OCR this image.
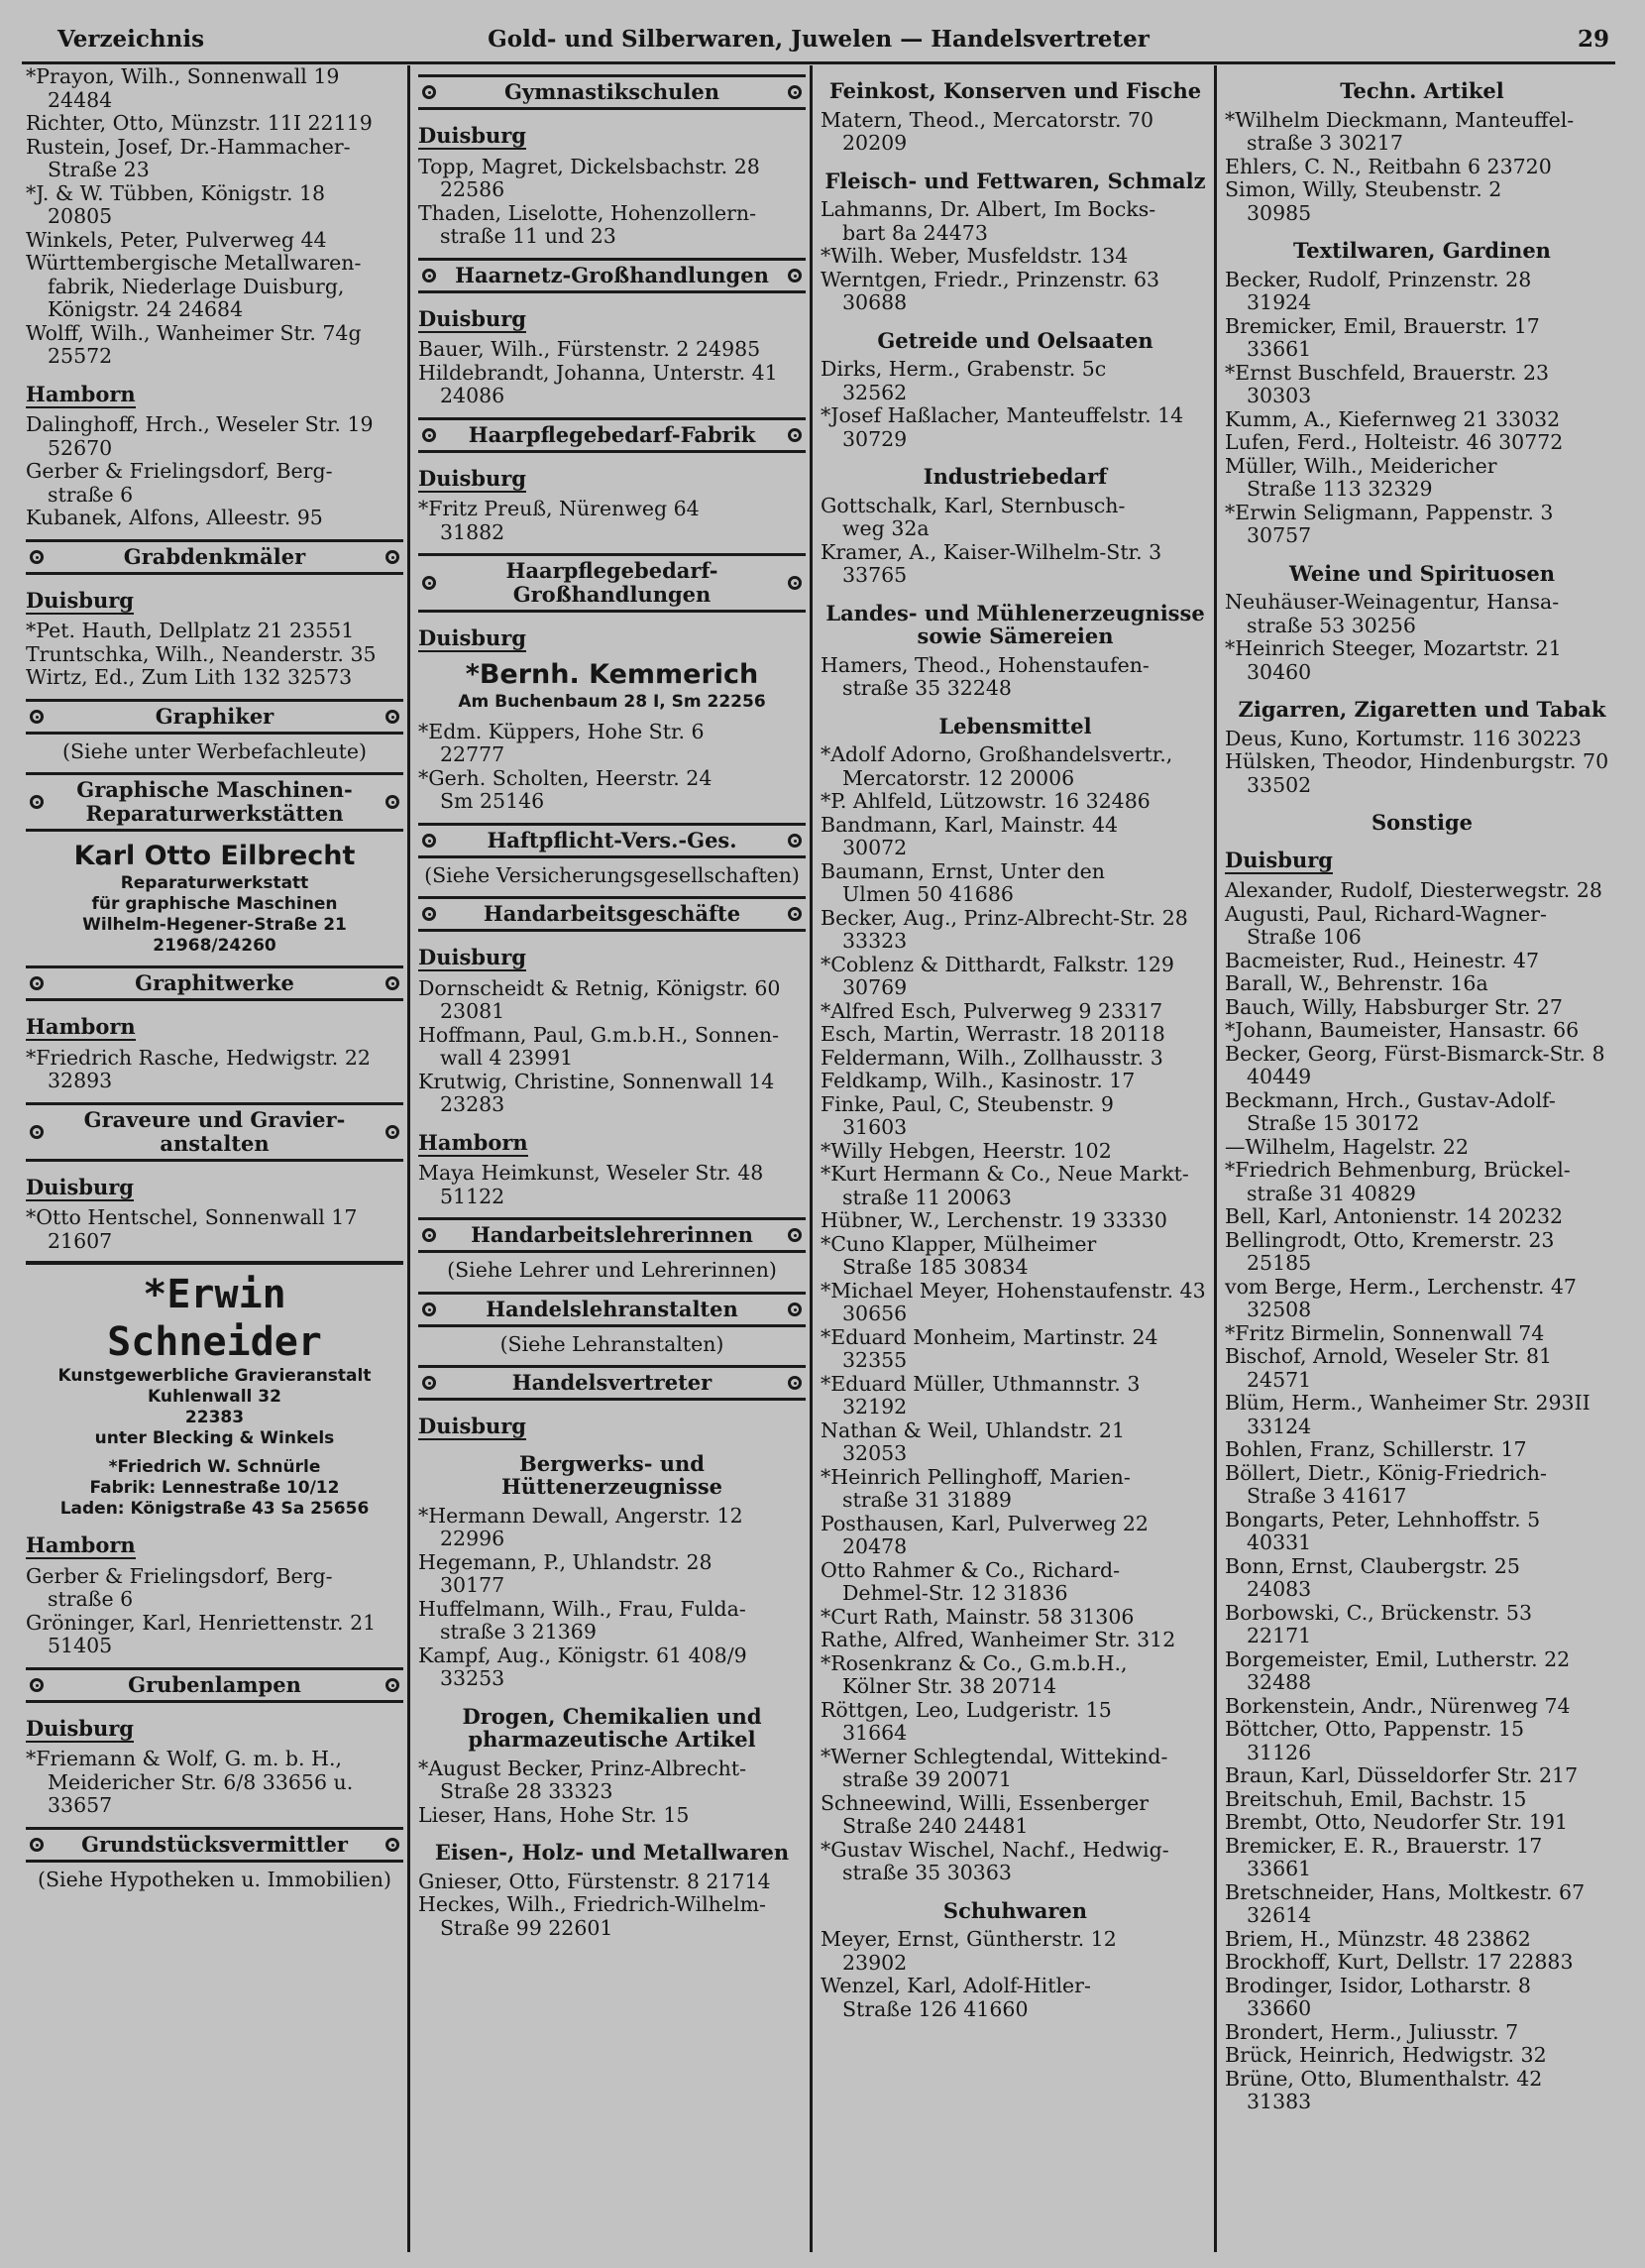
Verzeichnis	Gold- und Silberwaren, Juwelen — Handelsvertreter	29
*Prayon, Wilh., Sonnenwall 19
24484
Richter, Otto, Münzstr. 11I 22119
Rustein, Josef, Dr.-Hammacher-
Straße 23
*J. & W. Tübben, Königstr. 18
20805
Winkels, Peter, Pulverweg 44
Württembergische Metallwaren-
fabrik, Niederlage Duisburg,
Königstr. 24 24684
Wolff, Wilh., Wanheimer Str. 74g
25572
Hamborn
Dalinghoff, Hrch., Weseler Str. 19
52670
Gerber & Frielingsdorf, Berg-
straße 6
Kubanek, Alfons, Alleestr. 95
Grabdenkmäler
Duisburg
*Pet. Hauth, Dellplatz 21 23551
Truntschka, Wilh., Neanderstr. 35
Wirtz, Ed., Zum Lith 132 32573
Graphiker
(Siehe unter Werbefachleute)
Graphische Maschinen-
Reparaturwerkstätten
Karl Otto Eilbrecht
Reparaturwerkstatt
für graphische Maschinen
Wilhelm-Hegener-Straße 21
21968/24260
Graphitwerke
Hamborn
*Friedrich Rasche, Hedwigstr. 22
32893
Graveure und Gravier-
anstalten
Duisburg
*Otto Hentschel, Sonnenwall 17
21607
*Erwin Schneider
Kunstgewerbliche Gravieranstalt
Kuhlenwall 32
22383
unter Blecking & Winkels
*Friedrich W. Schnürle
Fabrik: Lennestraße 10/12
Laden: Königstraße 43 Sa 25656
Hamborn
Gerber & Frielingsdorf, Berg-
straße 6
Gröninger, Karl, Henriettenstr. 21
51405
Grubenlampen
Duisburg
*Friemann & Wolf, G. m. b. H.,
Meidericher Str. 6/8 33656 u.
33657
Grundstücksvermittler
(Siehe Hypotheken u. Immobilien)
Gymnastikschulen
Duisburg
Topp, Magret, Dickelsbachstr. 28
22586
Thaden, Liselotte, Hohenzollern-
straße 11 und 23
Haarnetz-Großhandlungen
Duisburg
Bauer, Wilh., Fürstenstr. 2 24985
Hildebrandt, Johanna, Unterstr. 41
24086
Haarpflegebedarf-Fabrik
Duisburg
*Fritz Preuß, Nürenweg 64
31882
Haarpflegebedarf-
Großhandlungen
Duisburg
*Bernh. Kemmerich
Am Buchenbaum 28 I, Sm 22256
*Edm. Küppers, Hohe Str. 6
22777
*Gerh. Scholten, Heerstr. 24
Sm 25146
Haftpflicht-Vers.-Ges.
(Siehe Versicherungsgesellschaften)
Handarbeitsgeschäfte
Duisburg
Dornscheidt & Retnig, Königstr. 60
23081
Hoffmann, Paul, G.m.b.H., Sonnen-
wall 4 23991
Krutwig, Christine, Sonnenwall 14
23283
Hamborn
Maya Heimkunst, Weseler Str. 48
51122
Handarbeitslehrerinnen
(Siehe Lehrer und Lehrerinnen)
Handelslehranstalten
(Siehe Lehranstalten)
Handelsvertreter
Duisburg
Bergwerks- und Hüttenerzeugnisse
*Hermann Dewall, Angerstr. 12
22996
Hegemann, P., Uhlandstr. 28
30177
Huffelmann, Wilh., Frau, Fulda-
straße 3 21369
Kampf, Aug., Königstr. 61 408/9
33253
Drogen, Chemikalien und pharmazeutische Artikel
*August Becker, Prinz-Albrecht-
Straße 28 33323
Lieser, Hans, Hohe Str. 15
Eisen-, Holz- und Metallwaren
Gnieser, Otto, Fürstenstr. 8 21714
Heckes, Wilh., Friedrich-Wilhelm-
Straße 99 22601
Feinkost, Konserven und Fische
Matern, Theod., Mercatorstr. 70
20209
Fleisch- und Fettwaren, Schmalz
Lahmanns, Dr. Albert, Im Bocks-
bart 8a 24473
*Wilh. Weber, Musfeldstr. 134
Werntgen, Friedr., Prinzenstr. 63
30688
Getreide und Oelsaaten
Dirks, Herm., Grabenstr. 5c
32562
*Josef Haßlacher, Manteuffelstr. 14
30729
Industriebedarf
Gottschalk, Karl, Sternbusch-
weg 32a
Kramer, A., Kaiser-Wilhelm-Str. 3
33765
Landes- und Mühlenerzeugnisse sowie Sämereien
Hamers, Theod., Hohenstaufen-
straße 35 32248
Lebensmittel
*Adolf Adorno, Großhandelsvertr.,
Mercatorstr. 12 20006
*P. Ahlfeld, Lützowstr. 16 32486
Bandmann, Karl, Mainstr. 44
30072
Baumann, Ernst, Unter den
Ulmen 50 41686
Becker, Aug., Prinz-Albrecht-Str. 28
33323
*Coblenz & Ditthardt, Falkstr. 129
30769
*Alfred Esch, Pulverweg 9 23317
Esch, Martin, Werrastr. 18 20118
Feldermann, Wilh., Zollhausstr. 3
Feldkamp, Wilh., Kasinostr. 17
Finke, Paul, C, Steubenstr. 9
31603
*Willy Hebgen, Heerstr. 102
*Kurt Hermann & Co., Neue Markt-
straße 11 20063
Hübner, W., Lerchenstr. 19 33330
*Cuno Klapper, Mülheimer
Straße 185 30834
*Michael Meyer, Hohenstaufenstr. 43
30656
*Eduard Monheim, Martinstr. 24
32355
*Eduard Müller, Uthmannstr. 3
32192
Nathan & Weil, Uhlandstr. 21
32053
*Heinrich Pellinghoff, Marien-
straße 31 31889
Posthausen, Karl, Pulverweg 22
20478
Otto Rahmer & Co., Richard-
Dehmel-Str. 12 31836
*Curt Rath, Mainstr. 58 31306
Rathe, Alfred, Wanheimer Str. 312
*Rosenkranz & Co., G.m.b.H.,
Kölner Str. 38 20714
Röttgen, Leo, Ludgeristr. 15
31664
*Werner Schlegtendal, Wittekind-
straße 39 20071
Schneewind, Willi, Essenberger
Straße 240 24481
*Gustav Wischel, Nachf., Hedwig-
straße 35 30363
Schuhwaren
Meyer, Ernst, Güntherstr. 12
23902
Wenzel, Karl, Adolf-Hitler-
Straße 126 41660
Techn. Artikel
*Wilhelm Dieckmann, Manteuffel-
straße 3 30217
Ehlers, C. N., Reitbahn 6 23720
Simon, Willy, Steubenstr. 2
30985
Textilwaren, Gardinen
Becker, Rudolf, Prinzenstr. 28
31924
Bremicker, Emil, Brauerstr. 17
33661
*Ernst Buschfeld, Brauerstr. 23
30303
Kumm, A., Kiefernweg 21 33032
Lufen, Ferd., Holteistr. 46 30772
Müller, Wilh., Meidericher
Straße 113 32329
*Erwin Seligmann, Pappenstr. 3
30757
Weine und Spirituosen
Neuhäuser-Weinagentur, Hansa-
straße 53 30256
*Heinrich Steeger, Mozartstr. 21
30460
Zigarren, Zigaretten und Tabak
Deus, Kuno, Kortumstr. 116 30223
Hülsken, Theodor, Hindenburgstr. 70
33502
Sonstige
Duisburg
Alexander, Rudolf, Diesterwegstr. 28
Augusti, Paul, Richard-Wagner-
Straße 106
Bacmeister, Rud., Heinestr. 47
Barall, W., Behrenstr. 16a
Bauch, Willy, Habsburger Str. 27
*Johann, Baumeister, Hansastr. 66
Becker, Georg, Fürst-Bismarck-Str. 8
40449
Beckmann, Hrch., Gustav-Adolf-
Straße 15 30172
—Wilhelm, Hagelstr. 22
*Friedrich Behmenburg, Brückel-
straße 31 40829
Bell, Karl, Antonienstr. 14 20232
Bellingrodt, Otto, Kremerstr. 23
25185
vom Berge, Herm., Lerchenstr. 47
32508
*Fritz Birmelin, Sonnenwall 74
Bischof, Arnold, Weseler Str. 81
24571
Blüm, Herm., Wanheimer Str. 293II
33124
Bohlen, Franz, Schillerstr. 17
Böllert, Dietr., König-Friedrich-
Straße 3 41617
Bongarts, Peter, Lehnhoffstr. 5
40331
Bonn, Ernst, Claubergstr. 25
24083
Borbowski, C., Brückenstr. 53
22171
Borgemeister, Emil, Lutherstr. 22
32488
Borkenstein, Andr., Nürenweg 74
Böttcher, Otto, Pappenstr. 15
31126
Braun, Karl, Düsseldorfer Str. 217
Breitschuh, Emil, Bachstr. 15
Brembt, Otto, Neudorfer Str. 191
Bremicker, E. R., Brauerstr. 17
33661
Bretschneider, Hans, Moltkestr. 67
32614
Briem, H., Münzstr. 48 23862
Brockhoff, Kurt, Dellstr. 17 22883
Brodinger, Isidor, Lotharstr. 8
33660
Brondert, Herm., Juliusstr. 7
Brück, Heinrich, Hedwigstr. 32
Brüne, Otto, Blumenthalstr. 42
31383
